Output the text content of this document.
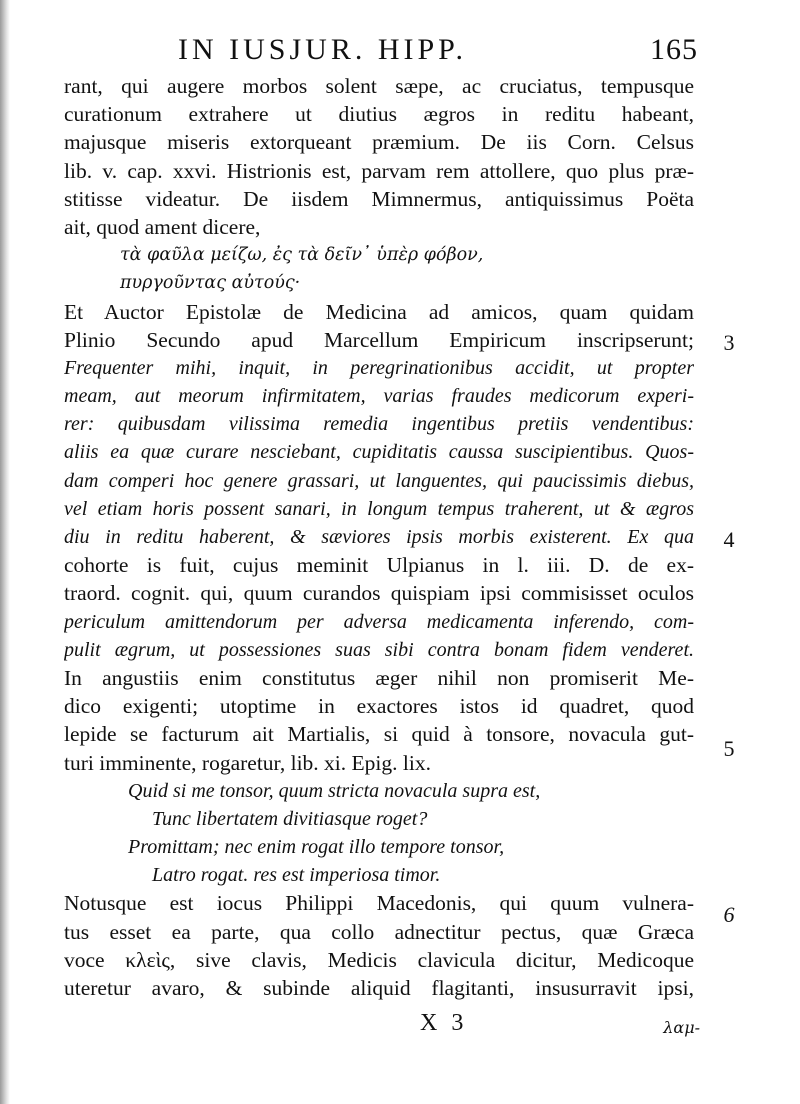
IN IUSJUR. HIPP.	165
rant, qui augere morbos solent sæpe, ac cruciatus, tempusque
curationum extrahere ut diutius ægros in reditu habeant,
majusque miseris extorqueant præmium. De iis Corn. Celsus
lib. v. cap. xxvi. Histrionis est, parvam rem attollere, quo plus præ-
stitisse videatur. De iisdem Mimnermus, antiquissimus Poëta
ait, quod ament dicere,
τὰ φαῦλα μείζω, ἐς τὰ δεῖν᾽ ὑπὲρ φόβον,
πυργοῦντας αὐτούς·
Et Auctor Epistolæ de Medicina ad amicos, quam quidam
Plinio Secundo apud Marcellum Empiricum inscripserunt;
Frequenter mihi, inquit, in peregrinationibus accidit, ut propter
meam, aut meorum infirmitatem, varias fraudes medicorum experi-
rer: quibusdam vilissima remedia ingentibus pretiis vendentibus:
aliis ea quæ curare nesciebant, cupiditatis caussa suscipientibus. Quos-
dam comperi hoc genere grassari, ut languentes, qui paucissimis diebus,
vel etiam horis possent sanari, in longum tempus traherent, ut & ægros
diu in reditu haberent, & sæviores ipsis morbis existerent. Ex qua
cohorte is fuit, cujus meminit Ulpianus in l. iii. D. de ex-
traord. cognit. qui, quum curandos quispiam ipsi commisisset oculos
periculum amittendorum per adversa medicamenta inferendo, com-
pulit ægrum, ut possessiones suas sibi contra bonam fidem venderet.
In angustiis enim constitutus æger nihil non promiserit Me-
dico exigenti; utoptime in exactores istos id quadret, quod
lepide se facturum ait Martialis, si quid à tonsore, novacula gut-
turi imminente, rogaretur, lib. xi. Epig. lix.
Quid si me tonsor, quum stricta novacula supra est,
Tunc libertatem divitiasque roget?
Promittam; nec enim rogat illo tempore tonsor,
Latro rogat. res est imperiosa timor.
Notusque est iocus Philippi Macedonis, qui quum vulnera-
tus esset ea parte, qua collo adnectitur pectus, quæ Græca
voce κλεὶς, sive clavis, Medicis clavicula dicitur, Medicoque
uteretur avaro, & subinde aliquid flagitanti, insusurravit ipsi,
3
4
5
6
X 3	λαμ-
